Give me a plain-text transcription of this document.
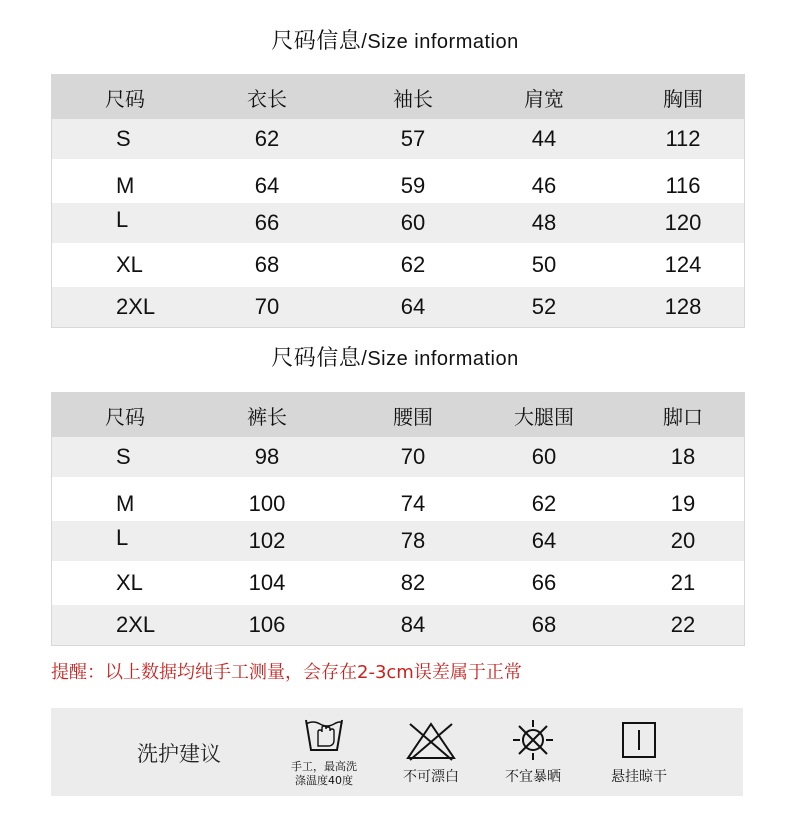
尺码信息/Size information
尺码	衣长	袖长	肩宽	胸围
S	62	57	44	112
M	64	59	46	116
L	66	60	48	120
XL	68	62	50	124
2XL	70	64	52	128
尺码信息/Size information
尺码	裤长	腰围	大腿围	脚口
S	98	70	60	18
M	100	74	62	19
L	102	78	64	20
XL	104	82	66	21
2XL	106	84	68	22
提醒：以上数据均纯手工测量，会存在2-3cm误差属于正常
洗护建议
手工，最高洗
涤温度40度	不可漂白	不宜暴晒	悬挂晾干
